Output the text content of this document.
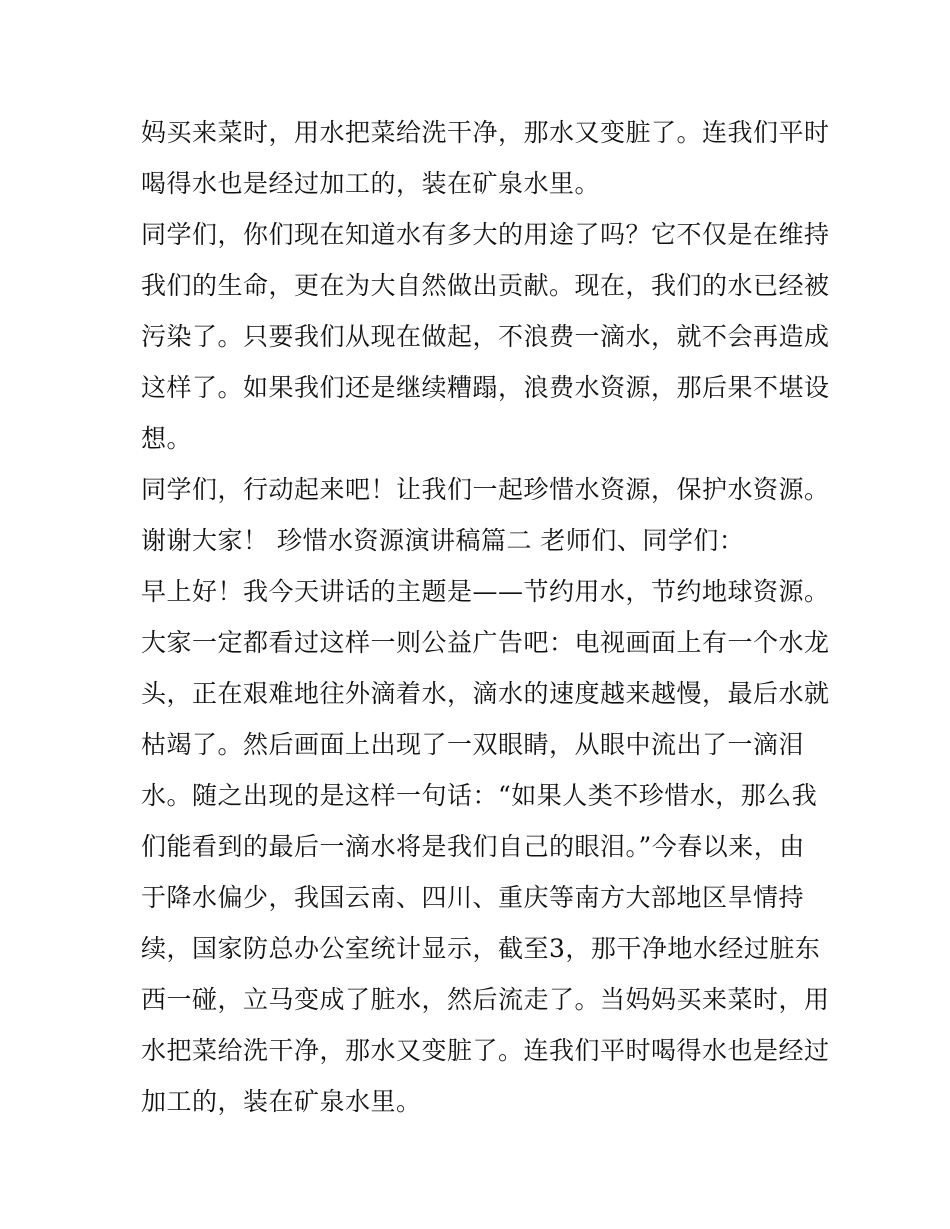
妈买来菜时，用水把菜给洗干净，那水又变脏了。连我们平时
喝得水也是经过加工的，装在矿泉水里。
同学们，你们现在知道水有多大的用途了吗？它不仅是在维持
我们的生命，更在为大自然做出贡献。现在，我们的水已经被
污染了。只要我们从现在做起，不浪费一滴水，就不会再造成
这样了。如果我们还是继续糟蹋，浪费水资源，那后果不堪设
想。
同学们，行动起来吧！让我们一起珍惜水资源，保护水资源。
谢谢大家！ 珍惜水资源演讲稿篇二 老师们、同学们：
早上好！我今天讲话的主题是——节约用水，节约地球资源。
大家一定都看过这样一则公益广告吧：电视画面上有一个水龙
头，正在艰难地往外滴着水，滴水的速度越来越慢，最后水就
枯竭了。然后画面上出现了一双眼睛，从眼中流出了一滴泪
水。随之出现的是这样一句话：“如果人类不珍惜水，那么我
们能看到的最后一滴水将是我们自己的眼泪。”今春以来，由
于降水偏少，我国云南、四川、重庆等南方大部地区旱情持
续，国家防总办公室统计显示，截至3，那干净地水经过脏东
西一碰，立马变成了脏水，然后流走了。当妈妈买来菜时，用
水把菜给洗干净，那水又变脏了。连我们平时喝得水也是经过
加工的，装在矿泉水里。
